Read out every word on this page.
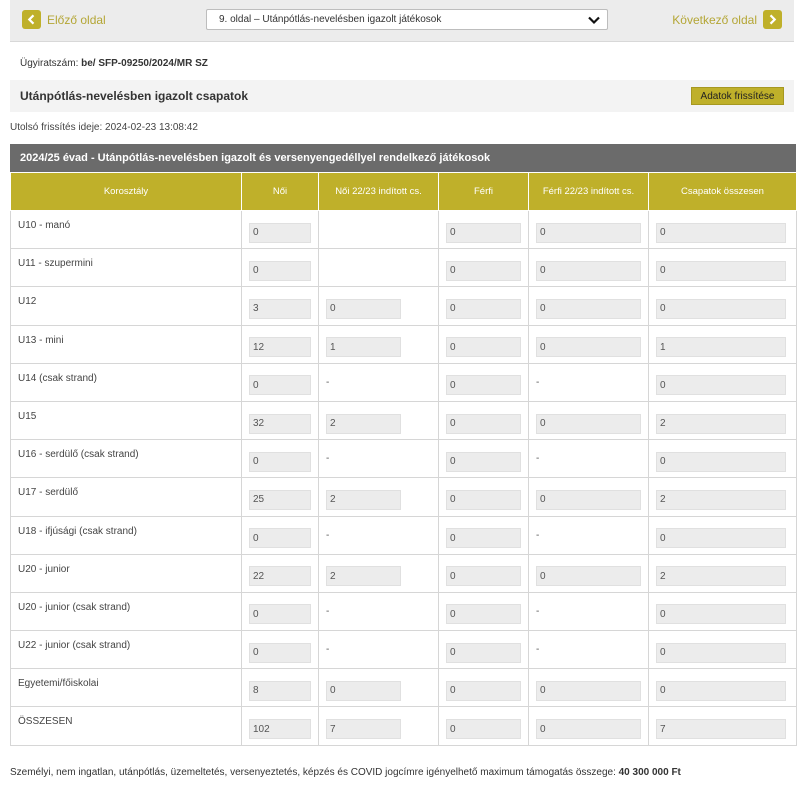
Előző oldal	9. oldal – Utánpótlás-nevelésben igazolt játékosok	Következő oldal
Ügyiratszám: be/ SFP-09250/2024/MR SZ
Utánpótlás-nevelésben igazolt csapatok	Adatok frissítése
Utolsó frissítés ideje: 2024-02-23 13:08:42
2024/25 évad - Utánpótlás-nevelésben igazolt és versenyengedéllyel rendelkező játékosok
Korosztály	Női	Női 22/23 indított cs.	Férfi	Férfi 22/23 indított cs.	Csapatok összesen
U10 - manó	0		0	0	0

U11 - szupermini	0		0	0	0

U12	3	0	0	0	0

U13 - mini	12	1	0	0	1

U14 (csak strand)	0	-	0	-	0

U15	32	2	0	0	2

U16 - serdülő (csak strand)	0	-	0	-	0

U17 - serdülő	25	2	0	0	2

U18 - ifjúsági (csak strand)	0	-	0	-	0

U20 - junior	22	2	0	0	2

U20 - junior (csak strand)	0	-	0	-	0

U22 - junior (csak strand)	0	-	0	-	0

Egyetemi/főiskolai	8	0	0	0	0

ÖSSZESEN	102	7	0	0	7
Személyi, nem ingatlan, utánpótlás, üzemeltetés, versenyeztetés, képzés és COVID jogcímre igényelhető maximum támogatás összege: 40 300 000 Ft
